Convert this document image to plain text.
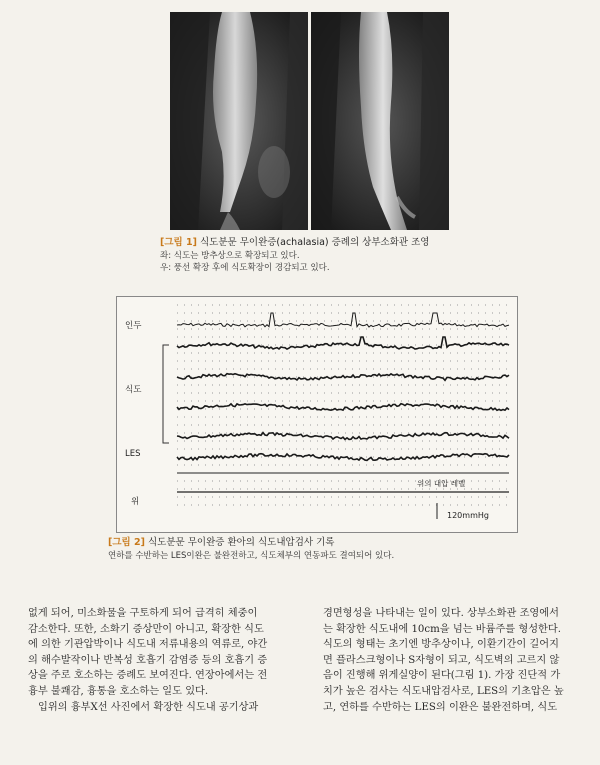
[그림 1] 식도분문 무이완증(achalasia) 증례의 상부소화관 조영
좌: 식도는 방추상으로 확장되고 있다.
우: 풍선 확장 후에 식도확장이 경감되고 있다.
인두
식도
LES
위
위의 내압 레벨
120mmHg
[그림 2] 식도분문 무이완증 환아의 식도내압검사 기록
연하를 수반하는 LES이완은 불완전하고, 식도체부의 연동파도 결여되어 있다.

없게 되어, 미소화물을 구토하게 되어 급격히 체중이

감소한다. 또한, 소화기 증상만이 아니고, 확장한 식도

에 의한 기관압박이나 식도내 저류내용의 역류로, 야간

의 해수발작이나 반복성 호흡기 감염증 등의 호흡기 증

상을 주로 호소하는 증례도 보여진다. 연장아에서는 전

흉부 불쾌감, 흉통을 호소하는 일도 있다.

입위의 흉부X선 사진에서 확장한 식도내 공기상과

경면형성을 나타내는 일이 있다. 상부소화관 조영에서

는 확장한 식도내에 10cm을 넘는 바륨주를 형성한다.

식도의 형태는 초기엔 방추상이나, 이환기간이 길어지

면 플라스크형이나 S자형이 되고, 식도벽의 고르지 않

음이 진행해 위게실양이 된다(그림 1). 가장 진단적 가

치가 높은 검사는 식도내압검사로, LES의 기초압은 높

고, 연하를 수반하는 LES의 이완은 불완전하며, 식도
